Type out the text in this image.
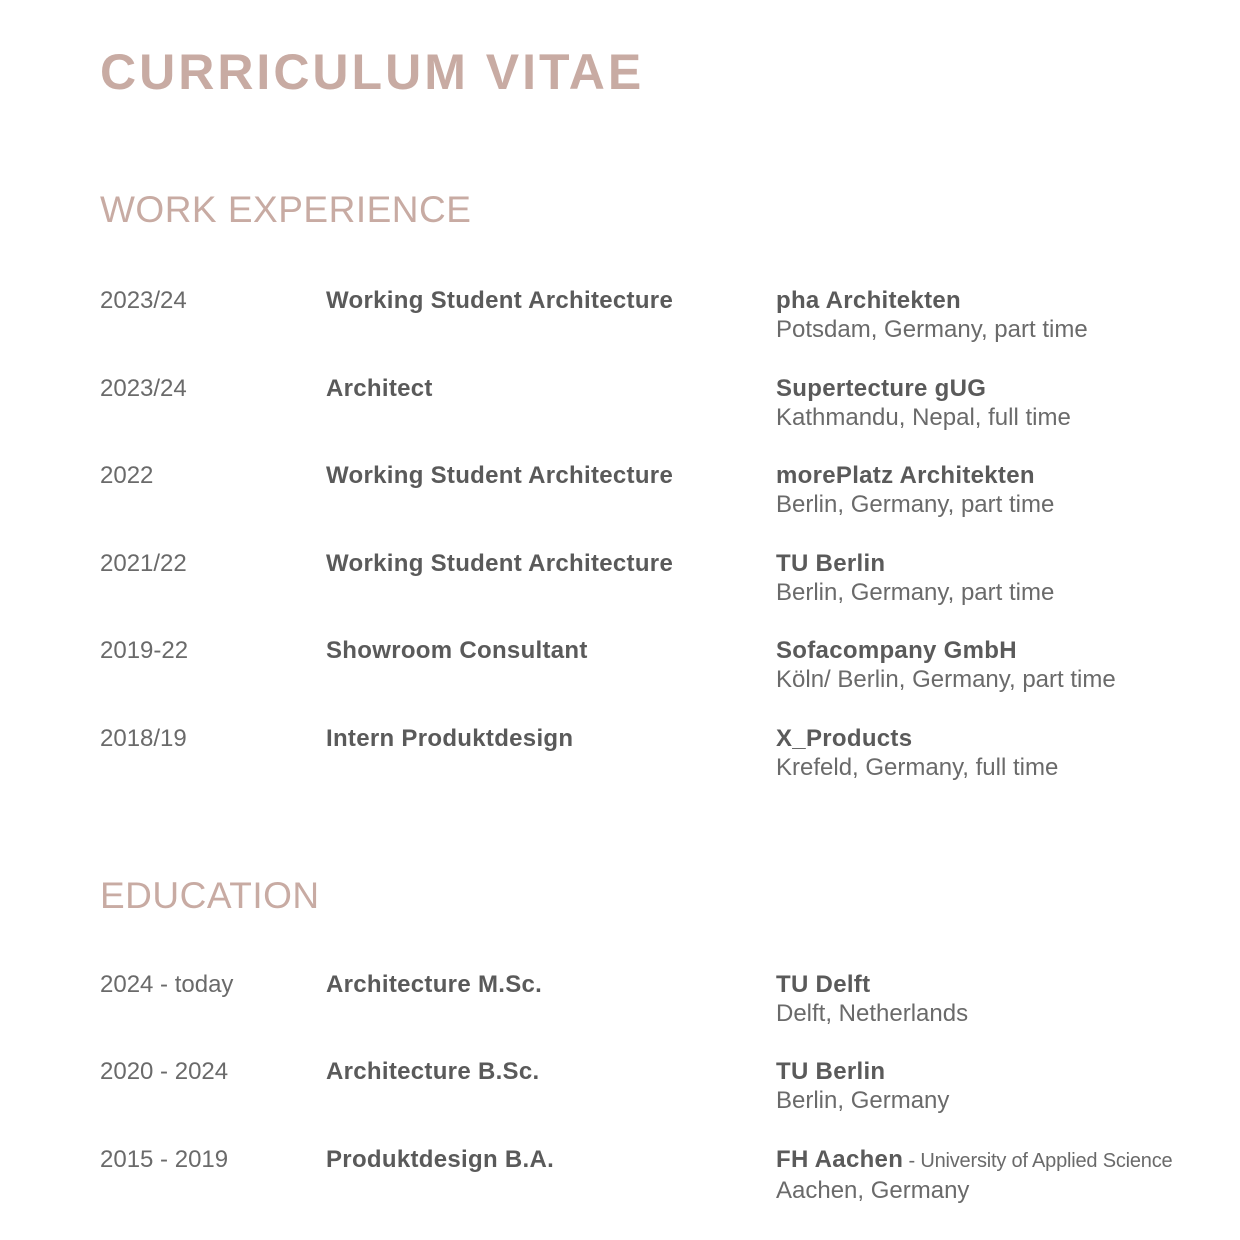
CURRICULUM VITAE
WORK EXPERIENCE
2023/24	Working Student Architecture	pha Architekten
Potsdam, Germany, part time
2023/24	Architect	Supertecture gUG
Kathmandu, Nepal, full time
2022	Working Student Architecture	morePlatz Architekten
Berlin, Germany, part time
2021/22	Working Student Architecture	TU Berlin
Berlin, Germany, part time
2019-22	Showroom Consultant	Sofacompany GmbH
Köln/ Berlin, Germany, part time
2018/19	Intern Produktdesign	X_Products
Krefeld, Germany, full time
EDUCATION
2024 - today	Architecture M.Sc.	TU Delft
Delft, Netherlands
2020 - 2024	Architecture B.Sc.	TU Berlin
Berlin, Germany
2015 - 2019	Produktdesign B.A.	FH Aachen - University of Applied Science
Aachen, Germany
